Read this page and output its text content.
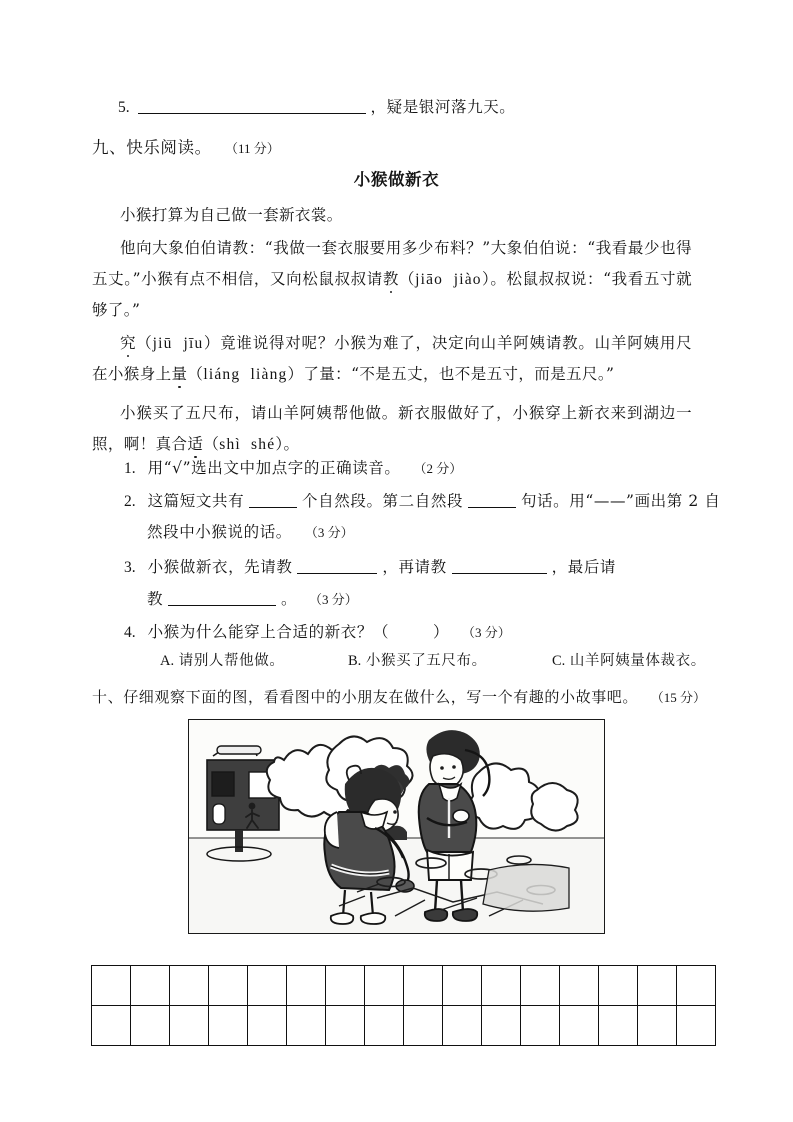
5.	，疑是银河落九天。
九、快乐阅读。 （11 分）
小猴做新衣
小猴打算为自己做一套新衣裳。
他向大象伯伯请教：“我做一套衣服要用多少布料？”大象伯伯说：“我看最少也得五丈。”小猴有点不相信，又向松鼠叔叔请教（jiāo  jiào）。松鼠叔叔说：“我看五寸就够了。”
究（jiū  jīu）竟谁说得对呢？小猴为难了，决定向山羊阿姨请教。山羊阿姨用尺在小猴身上量（liáng  liàng）了量：“不是五丈，也不是五寸，而是五尺。”
小猴买了五尺布，请山羊阿姨帮他做。新衣服做好了，小猴穿上新衣来到湖边一照，啊！真合适（shì  shé）。
1. 用“√”选出文中加点字的正确读音。 （2 分）
2. 这篇短文共有	个自然段。第二自然段	句话。用“——”画出第 2 自
然段中小猴说的话。 （3 分）
3. 小猴做新衣，先请教	，再请教	，最后请
教	。 （3 分）
4. 小猴为什么能穿上合适的新衣？（	） （3 分）
A. 请别人帮他做。	B. 小猴买了五尺布。	C. 山羊阿姨量体裁衣。
十、仔细观察下面的图，看看图中的小朋友在做什么，写一个有趣的小故事吧。 （15 分）
